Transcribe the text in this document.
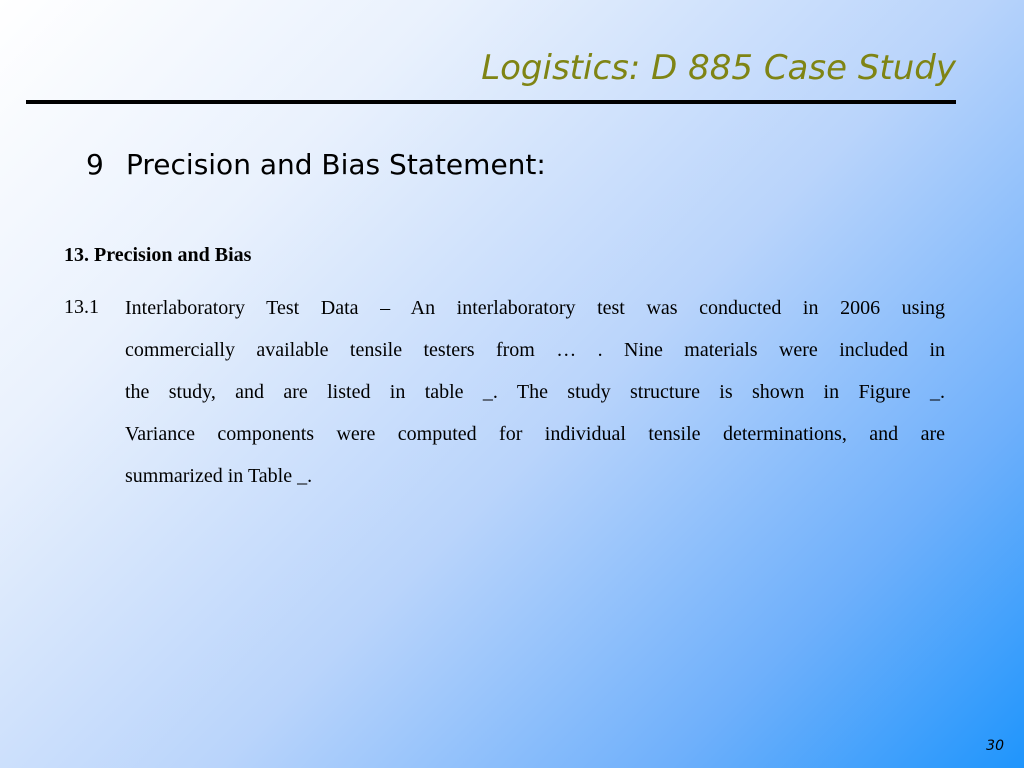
Logistics: D 885 Case Study
9 Precision and Bias Statement:
13. Precision and Bias
13.1 Interlaboratory Test Data – An interlaboratory test was conducted in 2006 using
commercially available tensile testers from … . Nine materials were included in
the study, and are listed in table _. The study structure is shown in Figure _.
Variance components were computed for individual tensile determinations, and are
summarized in Table _.

30
